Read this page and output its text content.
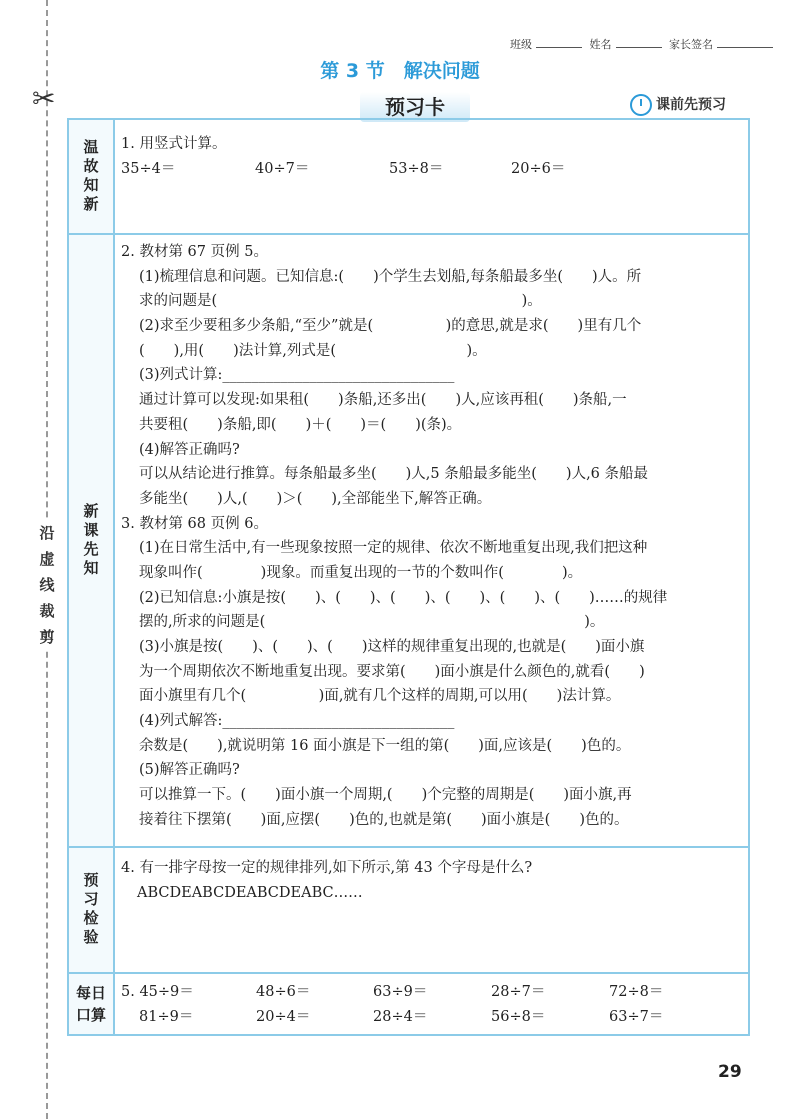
✂
沿虚线裁剪
班级	姓名	家长签名
第 3 节　解决问题
预习卡	课前先预习
温故知新 1. 用竖式计算。
35÷4＝	40÷7＝	53÷8＝	20÷6＝
新课先知
2. 教材第 67 页例 5。
(1)梳理信息和问题。已知信息:(　　)个学生去划船,每条船最多坐(　　)人。所
求的问题是(　　　　　　　　　　　　　　　　　　　　　)。
(2)求至少要租多少条船,“至少”就是(　　　　　)的意思,就是求(　　)里有几个
(　　),用(　　)法计算,列式是(　　　　　　　　　)。
(3)列式计算:________________________________
通过计算可以发现:如果租(　　)条船,还多出(　　)人,应该再租(　　)条船,一
共要租(　　)条船,即(　　)＋(　　)＝(　　)(条)。
(4)解答正确吗?
可以从结论进行推算。每条船最多坐(　　)人,5 条船最多能坐(　　)人,6 条船最
多能坐(　　)人,(　　)＞(　　),全部能坐下,解答正确。
3. 教材第 68 页例 6。
(1)在日常生活中,有一些现象按照一定的规律、依次不断地重复出现,我们把这种
现象叫作(　　　　)现象。而重复出现的一节的个数叫作(　　　　)。
(2)已知信息:小旗是按(　　)、(　　)、(　　)、(　　)、(　　)、(　　)……的规律
摆的,所求的问题是(　　　　　　　　　　　　　　　　　　　　　　)。
(3)小旗是按(　　)、(　　)、(　　)这样的规律重复出现的,也就是(　　)面小旗
为一个周期依次不断地重复出现。要求第(　　)面小旗是什么颜色的,就看(　　)
面小旗里有几个(　　　　　)面,就有几个这样的周期,可以用(　　)法计算。
(4)列式解答:________________________________
余数是(　　),就说明第 16 面小旗是下一组的第(　　)面,应该是(　　)色的。
(5)解答正确吗?
可以推算一下。(　　)面小旗一个周期,(　　)个完整的周期是(　　)面小旗,再
接着往下摆第(　　)面,应摆(　　)色的,也就是第(　　)面小旗是(　　)色的。
预习检验
4. 有一排字母按一定的规律排列,如下所示,第 43 个字母是什么?
ABCDEABCDEABCDEABC……
每日口算
5. 45÷9＝	48÷6＝	63÷9＝	28÷7＝	72÷8＝
81÷9＝	20÷4＝	28÷4＝	56÷8＝	63÷7＝
29
